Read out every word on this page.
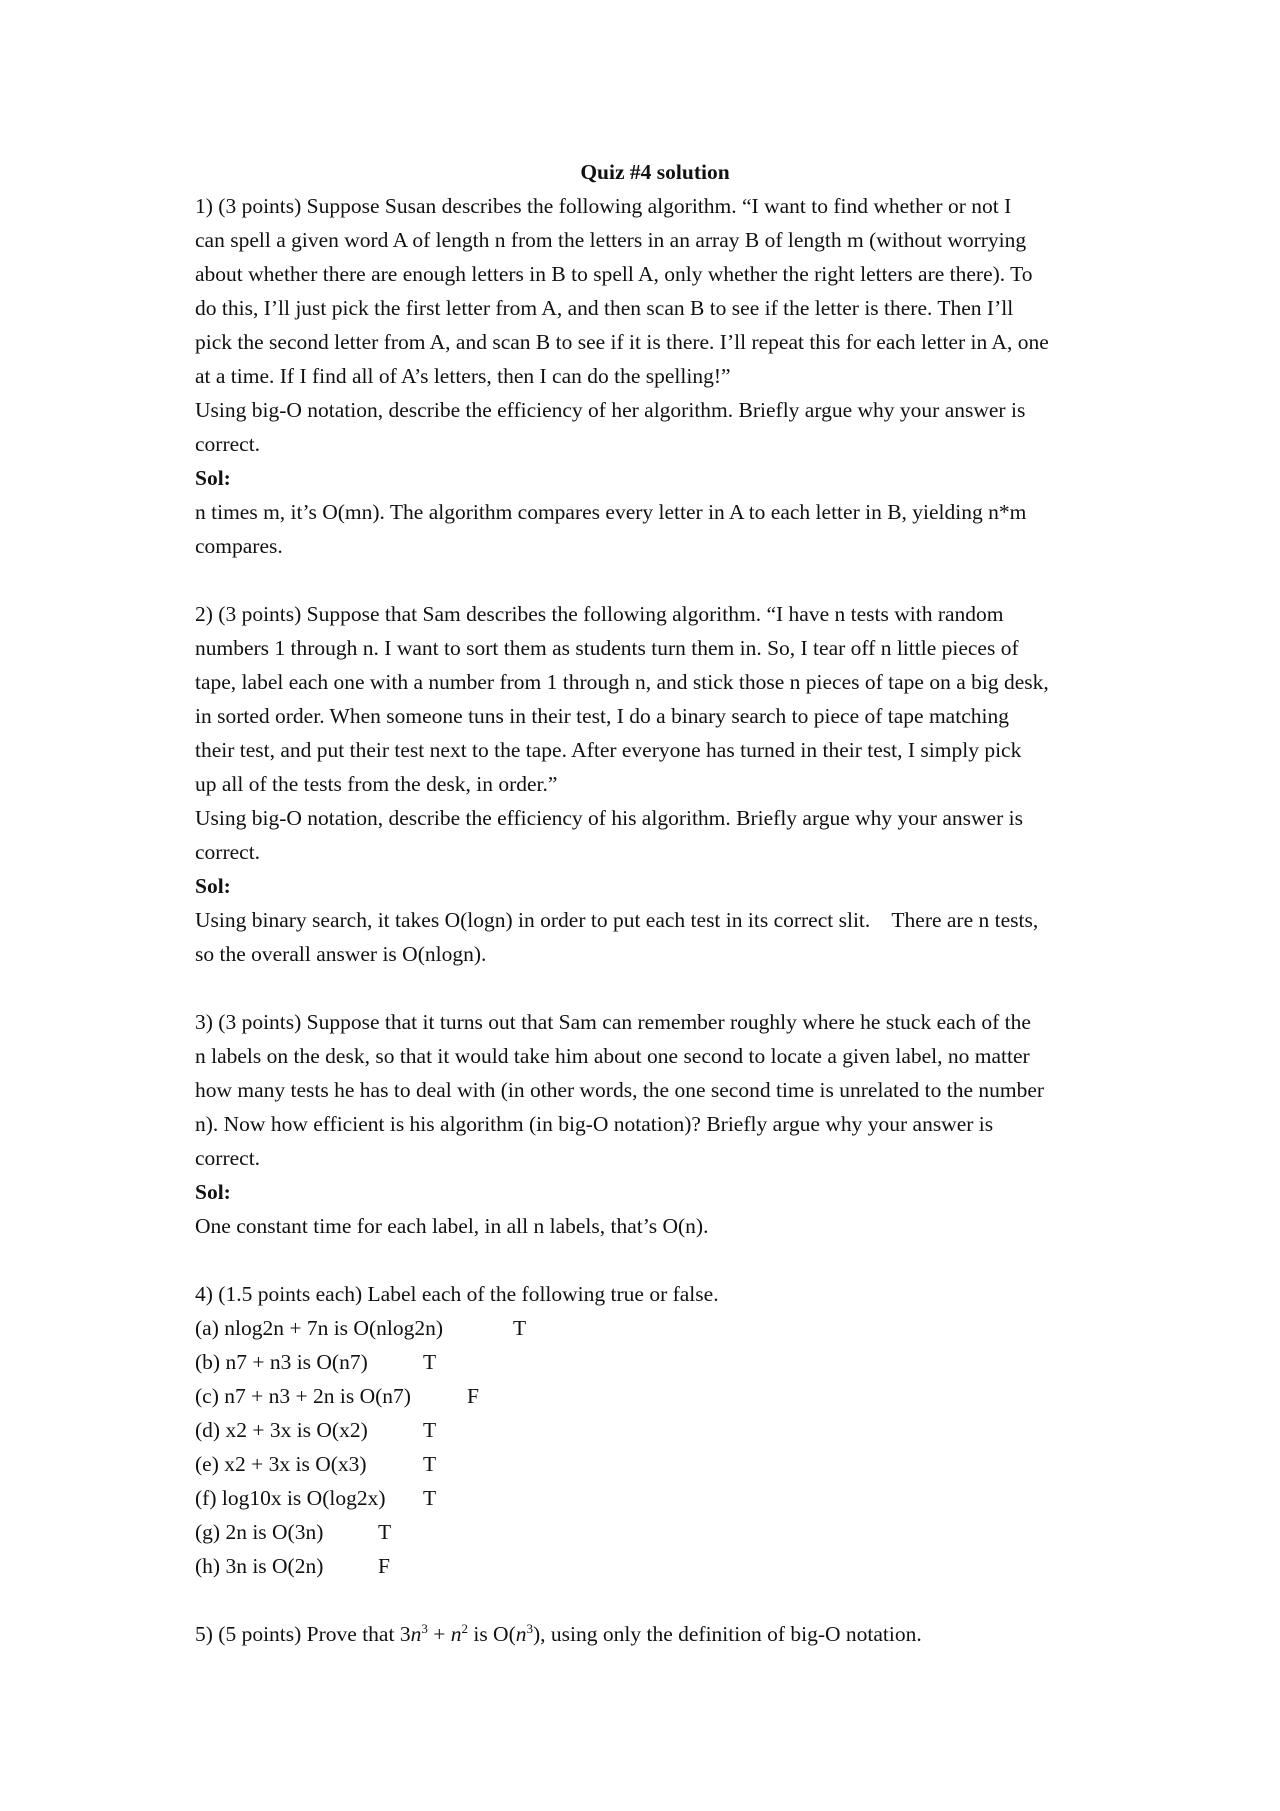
Quiz #4 solution

1) (3 points) Suppose Susan describes the following algorithm. “I want to find whether or not I

can spell a given word A of length n from the letters in an array B of length m (without worrying

about whether there are enough letters in B to spell A, only whether the right letters are there). To

do this, I’ll just pick the first letter from A, and then scan B to see if the letter is there. Then I’ll

pick the second letter from A, and scan B to see if it is there. I’ll repeat this for each letter in A, one

at a time. If I find all of A’s letters, then I can do the spelling!”

Using big-O notation, describe the efficiency of her algorithm. Briefly argue why your answer is

correct.

Sol:

n times m, it’s O(mn). The algorithm compares every letter in A to each letter in B, yielding n*m

compares.

2) (3 points) Suppose that Sam describes the following algorithm. “I have n tests with random

numbers 1 through n. I want to sort them as students turn them in. So, I tear off n little pieces of

tape, label each one with a number from 1 through n, and stick those n pieces of tape on a big desk,

in sorted order. When someone tuns in their test, I do a binary search to piece of tape matching

their test, and put their test next to the tape. After everyone has turned in their test, I simply pick

up all of the tests from the desk, in order.”

Using big-O notation, describe the efficiency of his algorithm. Briefly argue why your answer is

correct.

Sol:

Using binary search, it takes O(logn) in order to put each test in its correct slit.    There are n tests,

so the overall answer is O(nlogn).

3) (3 points) Suppose that it turns out that Sam can remember roughly where he stuck each of the

n labels on the desk, so that it would take him about one second to locate a given label, no matter

how many tests he has to deal with (in other words, the one second time is unrelated to the number

n). Now how efficient is his algorithm (in big-O notation)? Briefly argue why your answer is

correct.

Sol:

One constant time for each label, in all n labels, that’s O(n).

4) (1.5 points each) Label each of the following true or false.

(a) nlog2n + 7n is O(nlog2n)	T
(b) n7 + n3 is O(n7)	T
(c) n7 + n3 + 2n is O(n7)	F
(d) x2 + 3x is O(x2)	T
(e) x2 + 3x is O(x3)	T
(f) log10x is O(log2x) T
(g) 2n is O(3n)	T
(h) 3n is O(2n)	F

5) (5 points) Prove that $3n^3 + n^2$ is $O(n^3)$, using only the definition of big-O notation.
